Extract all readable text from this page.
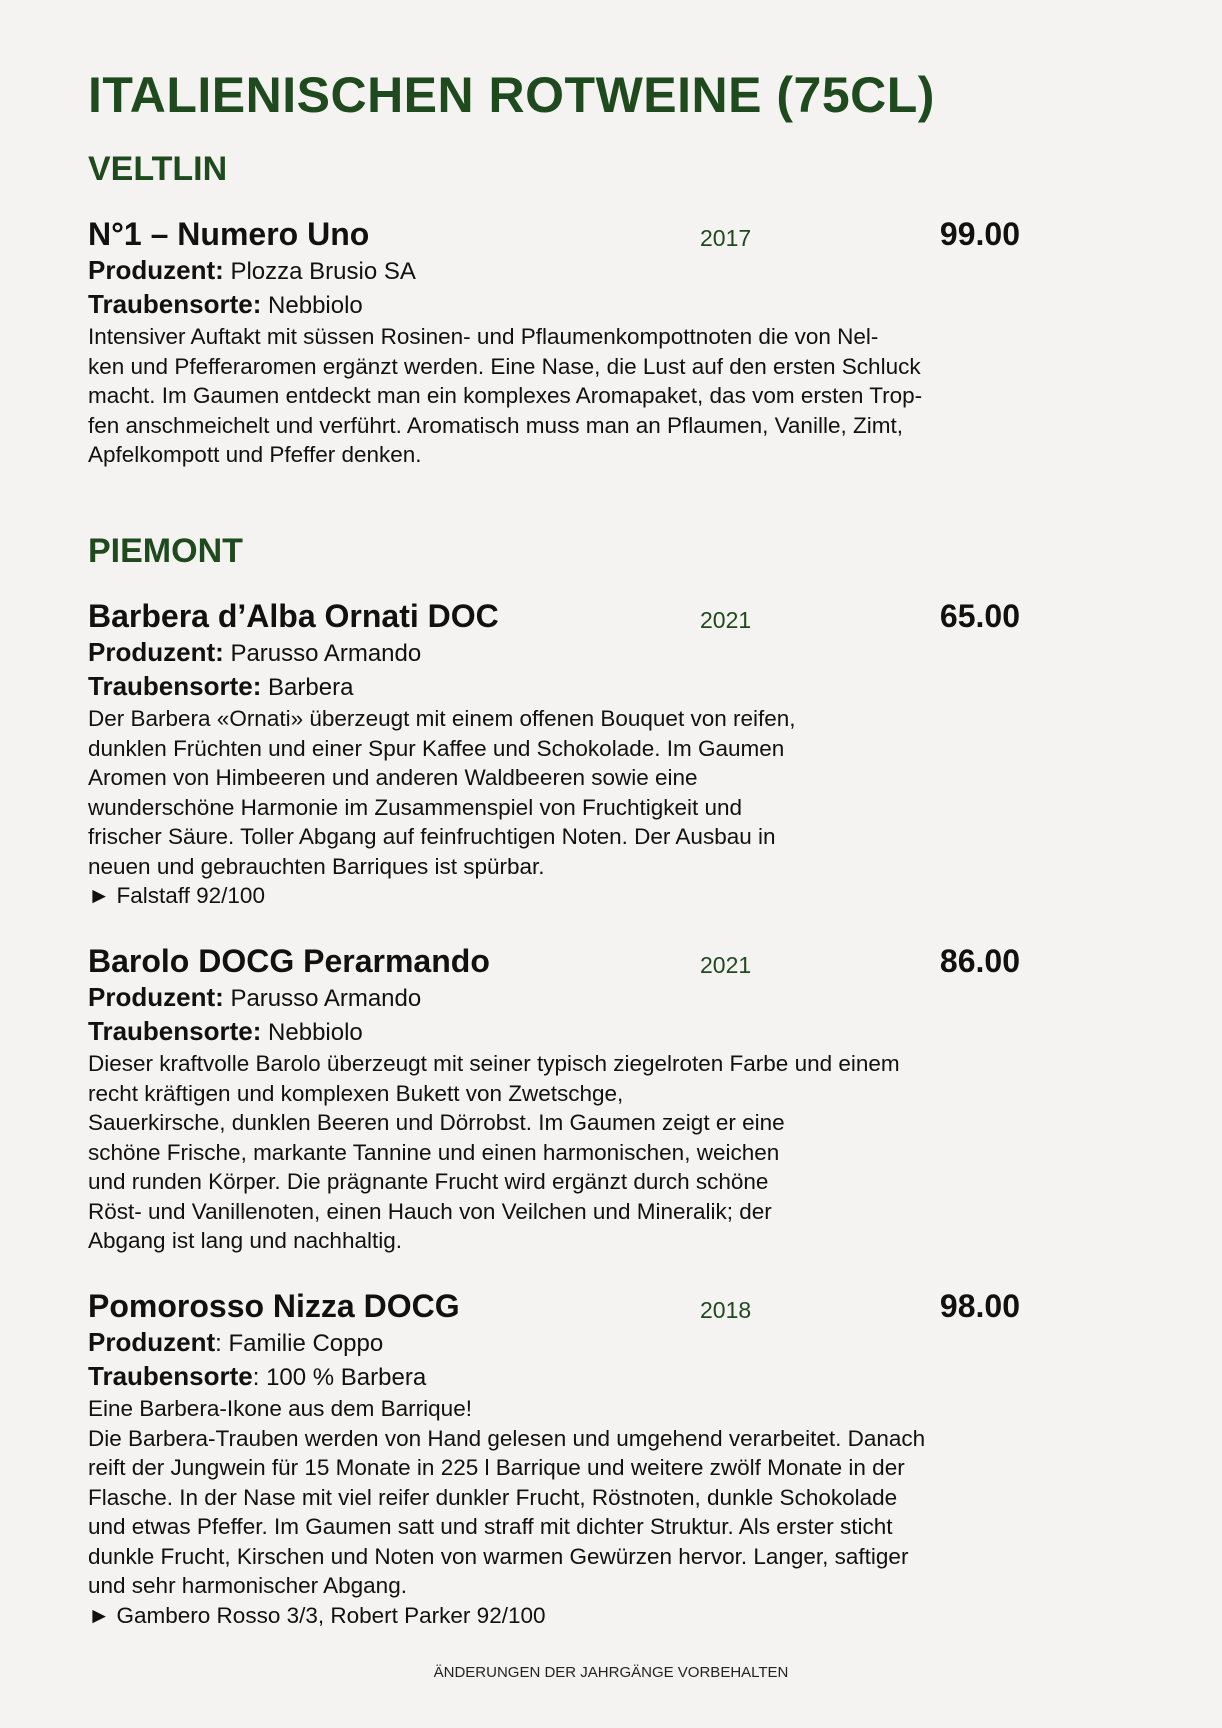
ITALIENISCHEN ROTWEINE (75CL)
VELTLIN
N°1 – Numero Uno	2017	99.00
Produzent: Plozza Brusio SA
Traubensorte: Nebbiolo
Intensiver Auftakt mit süssen Rosinen- und Pflaumenkompottnoten die von Nel-
ken und Pfefferaromen ergänzt werden. Eine Nase, die Lust auf den ersten Schluck
macht. Im Gaumen entdeckt man ein komplexes Aromapaket, das vom ersten Trop-
fen anschmeichelt und verführt. Aromatisch muss man an Pflaumen, Vanille, Zimt,
Apfelkompott und Pfeffer denken.
PIEMONT
Barbera d’Alba Ornati DOC	2021	65.00
Produzent: Parusso Armando
Traubensorte: Barbera
Der Barbera «Ornati» überzeugt mit einem offenen Bouquet von reifen,
dunklen Früchten und einer Spur Kaffee und Schokolade. Im Gaumen
Aromen von Himbeeren und anderen Waldbeeren sowie eine
wunderschöne Harmonie im Zusammenspiel von Fruchtigkeit und
frischer Säure. Toller Abgang auf feinfruchtigen Noten. Der Ausbau in
neuen und gebrauchten Barriques ist spürbar.
► Falstaff 92/100
Barolo DOCG Perarmando	2021	86.00
Produzent: Parusso Armando
Traubensorte: Nebbiolo
Dieser kraftvolle Barolo überzeugt mit seiner typisch ziegelroten Farbe und einem
recht kräftigen und komplexen Bukett von Zwetschge,
Sauerkirsche, dunklen Beeren und Dörrobst. Im Gaumen zeigt er eine
schöne Frische, markante Tannine und einen harmonischen, weichen
und runden Körper. Die prägnante Frucht wird ergänzt durch schöne
Röst- und Vanillenoten, einen Hauch von Veilchen und Mineralik; der
Abgang ist lang und nachhaltig.
Pomorosso Nizza DOCG	2018	98.00
Produzent: Familie Coppo
Traubensorte: 100 % Barbera
Eine Barbera-Ikone aus dem Barrique!
Die Barbera-Trauben werden von Hand gelesen und umgehend verarbeitet. Danach
reift der Jungwein für 15 Monate in 225 l Barrique und weitere zwölf Monate in der
Flasche. In der Nase mit viel reifer dunkler Frucht, Röstnoten, dunkle Schokolade
und etwas Pfeffer. Im Gaumen satt und straff mit dichter Struktur. Als erster sticht
dunkle Frucht, Kirschen und Noten von warmen Gewürzen hervor. Langer, saftiger
und sehr harmonischer Abgang.
► Gambero Rosso 3/3, Robert Parker 92/100
ÄNDERUNGEN DER JAHRGÄNGE VORBEHALTEN
